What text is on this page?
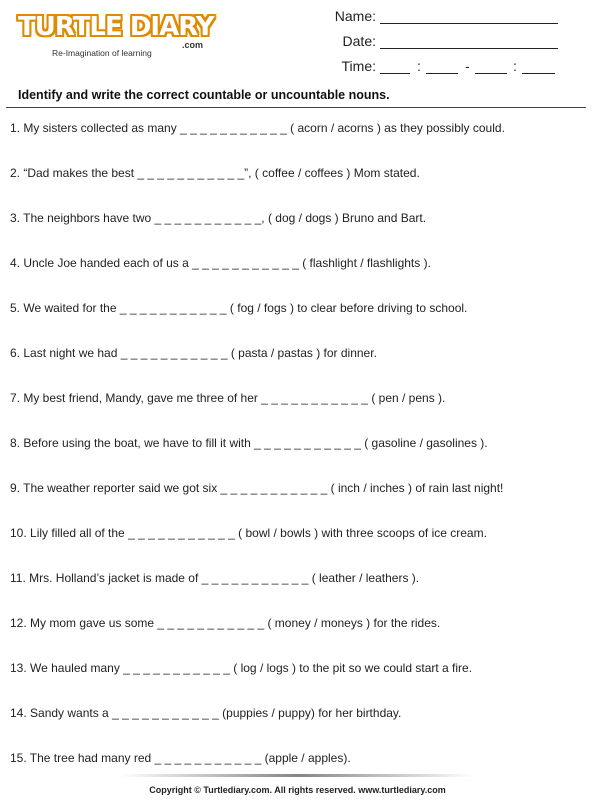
TURTLE DIARY
.com
Re-Imagination of learning
Name:
Date:
Time:	:	-	:
Identify and write the correct countable or uncountable nouns.
1. My sisters collected as many _ _ _ _ _ _ _ _ _ _ _ ( acorn / acorns ) as they possibly could.
2. “Dad makes the best _ _ _ _ _ _ _ _ _ _ _”, ( coffee / coffees ) Mom stated.
3. The neighbors have two _ _ _ _ _ _ _ _ _ _ _, ( dog / dogs ) Bruno and Bart.
4. Uncle Joe handed each of us a _ _ _ _ _ _ _ _ _ _ _ ( flashlight / flashlights ).
5. We waited for the _ _ _ _ _ _ _ _ _ _ _ ( fog / fogs ) to clear before driving to school.
6. Last night we had _ _ _ _ _ _ _ _ _ _ _ ( pasta / pastas ) for dinner.
7. My best friend, Mandy, gave me three of her _ _ _ _ _ _ _ _ _ _ _ ( pen / pens ).
8. Before using the boat, we have to fill it with _ _ _ _ _ _ _ _ _ _ _ ( gasoline / gasolines ).
9. The weather reporter said we got six _ _ _ _ _ _ _ _ _ _ _ ( inch / inches ) of rain last night!
10. Lily filled all of the _ _ _ _ _ _ _ _ _ _ _ ( bowl / bowls ) with three scoops of ice cream.
11. Mrs. Holland’s jacket is made of _ _ _ _ _ _ _ _ _ _ _ ( leather / leathers ).
12. My mom gave us some _ _ _ _ _ _ _ _ _ _ _ ( money / moneys ) for the rides.
13. We hauled many _ _ _ _ _ _ _ _ _ _ _ ( log / logs ) to the pit so we could start a fire.
14. Sandy wants a _ _ _ _ _ _ _ _ _ _ _ (puppies / puppy) for her birthday.
15. The tree had many red _ _ _ _ _ _ _ _ _ _ _ (apple / apples).
Copyright © Turtlediary.com. All rights reserved. www.turtlediary.com
